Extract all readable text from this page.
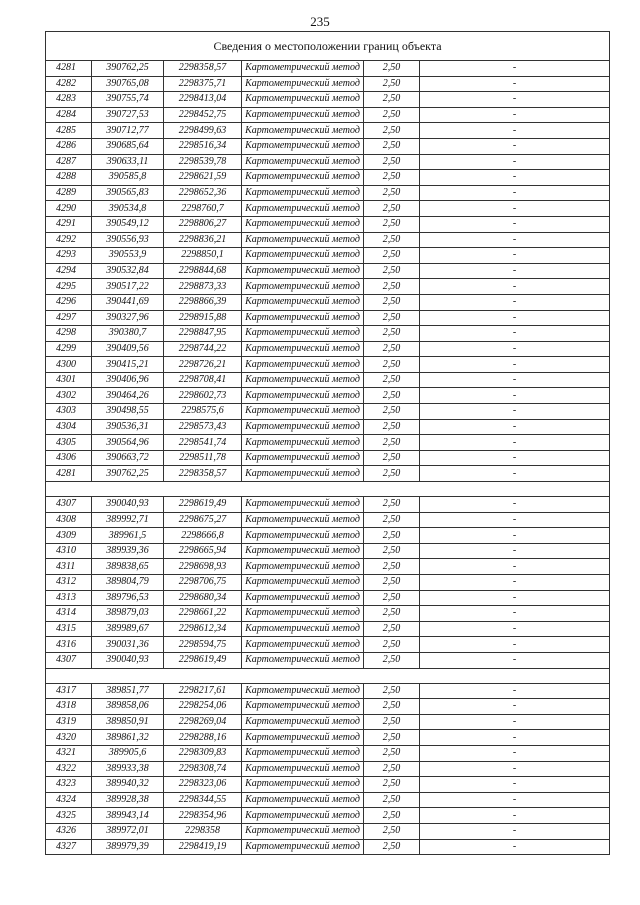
235
Сведения о местоположении границ объекта					
4281	390762,25	2298358,57	Картометрический метод	2,50	-
4282	390765,08	2298375,71	Картометрический метод	2,50	-
4283	390755,74	2298413,04	Картометрический метод	2,50	-
4284	390727,53	2298452,75	Картометрический метод	2,50	-
4285	390712,77	2298499,63	Картометрический метод	2,50	-
4286	390685,64	2298516,34	Картометрический метод	2,50	-
4287	390633,11	2298539,78	Картометрический метод	2,50	-
4288	390585,8	2298621,59	Картометрический метод	2,50	-
4289	390565,83	2298652,36	Картометрический метод	2,50	-
4290	390534,8	2298760,7	Картометрический метод	2,50	-
4291	390549,12	2298806,27	Картометрический метод	2,50	-
4292	390556,93	2298836,21	Картометрический метод	2,50	-
4293	390553,9	2298850,1	Картометрический метод	2,50	-
4294	390532,84	2298844,68	Картометрический метод	2,50	-
4295	390517,22	2298873,33	Картометрический метод	2,50	-
4296	390441,69	2298866,39	Картометрический метод	2,50	-
4297	390327,96	2298915,88	Картометрический метод	2,50	-
4298	390380,7	2298847,95	Картометрический метод	2,50	-
4299	390409,56	2298744,22	Картометрический метод	2,50	-
4300	390415,21	2298726,21	Картометрический метод	2,50	-
4301	390406,96	2298708,41	Картометрический метод	2,50	-
4302	390464,26	2298602,73	Картометрический метод	2,50	-
4303	390498,55	2298575,6	Картометрический метод	2,50	-
4304	390536,31	2298573,43	Картометрический метод	2,50	-
4305	390564,96	2298541,74	Картометрический метод	2,50	-
4306	390663,72	2298511,78	Картометрический метод	2,50	-
4281	390762,25	2298358,57	Картометрический метод	2,50	-

4307	390040,93	2298619,49	Картометрический метод	2,50	-
4308	389992,71	2298675,27	Картометрический метод	2,50	-
4309	389961,5	2298666,8	Картометрический метод	2,50	-
4310	389939,36	2298665,94	Картометрический метод	2,50	-
4311	389838,65	2298698,93	Картометрический метод	2,50	-
4312	389804,79	2298706,75	Картометрический метод	2,50	-
4313	389796,53	2298680,34	Картометрический метод	2,50	-
4314	389879,03	2298661,22	Картометрический метод	2,50	-
4315	389989,67	2298612,34	Картометрический метод	2,50	-
4316	390031,36	2298594,75	Картометрический метод	2,50	-
4307	390040,93	2298619,49	Картометрический метод	2,50	-

4317	389851,77	2298217,61	Картометрический метод	2,50	-
4318	389858,06	2298254,06	Картометрический метод	2,50	-
4319	389850,91	2298269,04	Картометрический метод	2,50	-
4320	389861,32	2298288,16	Картометрический метод	2,50	-
4321	389905,6	2298309,83	Картометрический метод	2,50	-
4322	389933,38	2298308,74	Картометрический метод	2,50	-
4323	389940,32	2298323,06	Картометрический метод	2,50	-
4324	389928,38	2298344,55	Картометрический метод	2,50	-
4325	389943,14	2298354,96	Картометрический метод	2,50	-
4326	389972,01	2298358	Картометрический метод	2,50	-
4327	389979,39	2298419,19	Картометрический метод	2,50	-
